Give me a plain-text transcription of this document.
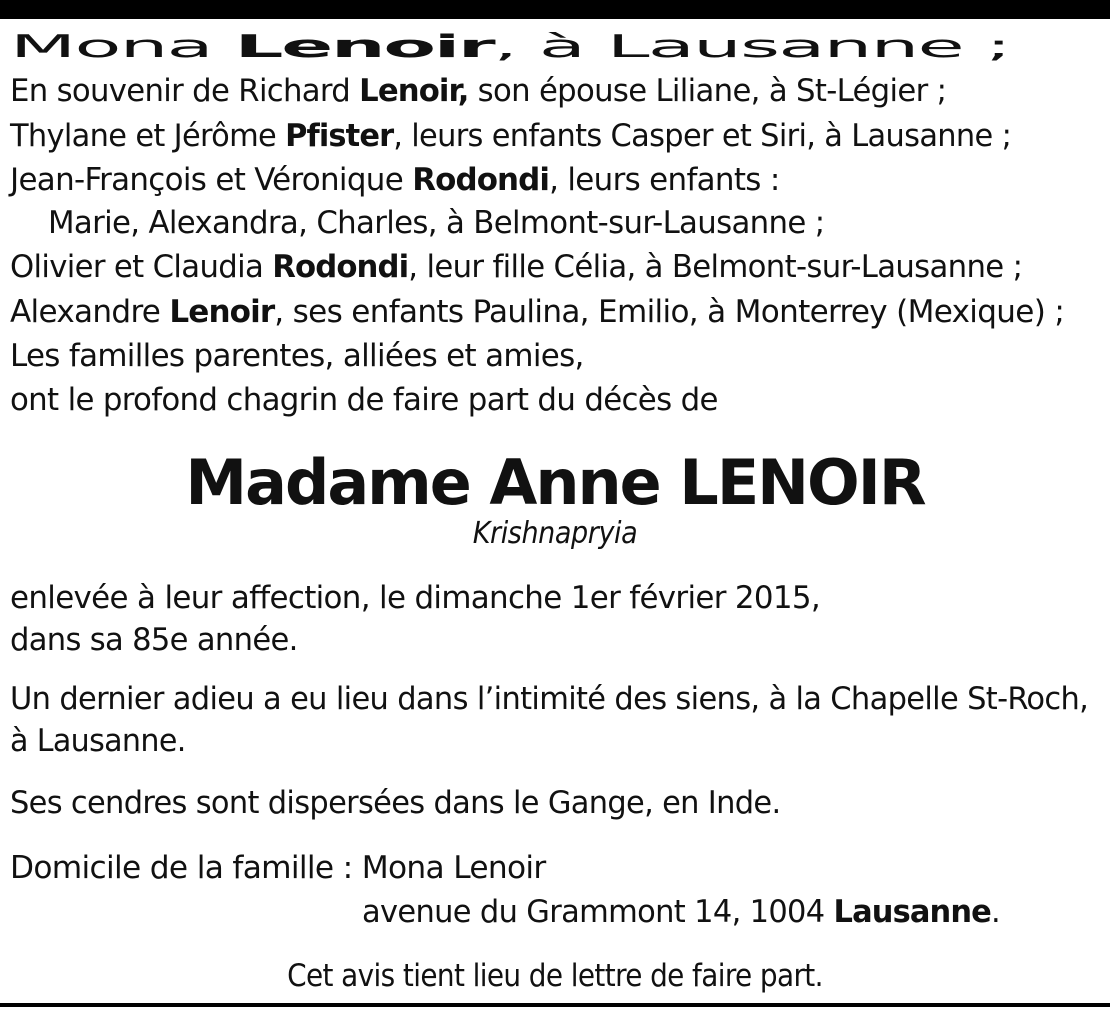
Mona Lenoir, à Lausanne ;
En souvenir de Richard Lenoir, son épouse Liliane, à St-Légier ;
Thylane et Jérôme Pfister, leurs enfants Casper et Siri, à Lausanne ;
Jean-François et Véronique Rodondi, leurs enfants :
Marie, Alexandra, Charles, à Belmont-sur-Lausanne ;
Olivier et Claudia Rodondi, leur fille Célia, à Belmont-sur-Lausanne ;
Alexandre Lenoir, ses enfants Paulina, Emilio, à Monterrey (Mexique) ;
Les familles parentes, alliées et amies,
ont le profond chagrin de faire part du décès de
Madame Anne LENOIR
Krishnapryia
enlevée à leur affection, le dimanche 1er février 2015,
dans sa 85e année.
Un dernier adieu a eu lieu dans l’intimité des siens, à la Chapelle St-Roch,
à Lausanne.
Ses cendres sont dispersées dans le Gange, en Inde.
Domicile de la famille : Mona Lenoir
avenue du Grammont 14, 1004 Lausanne.
Cet avis tient lieu de lettre de faire part.
